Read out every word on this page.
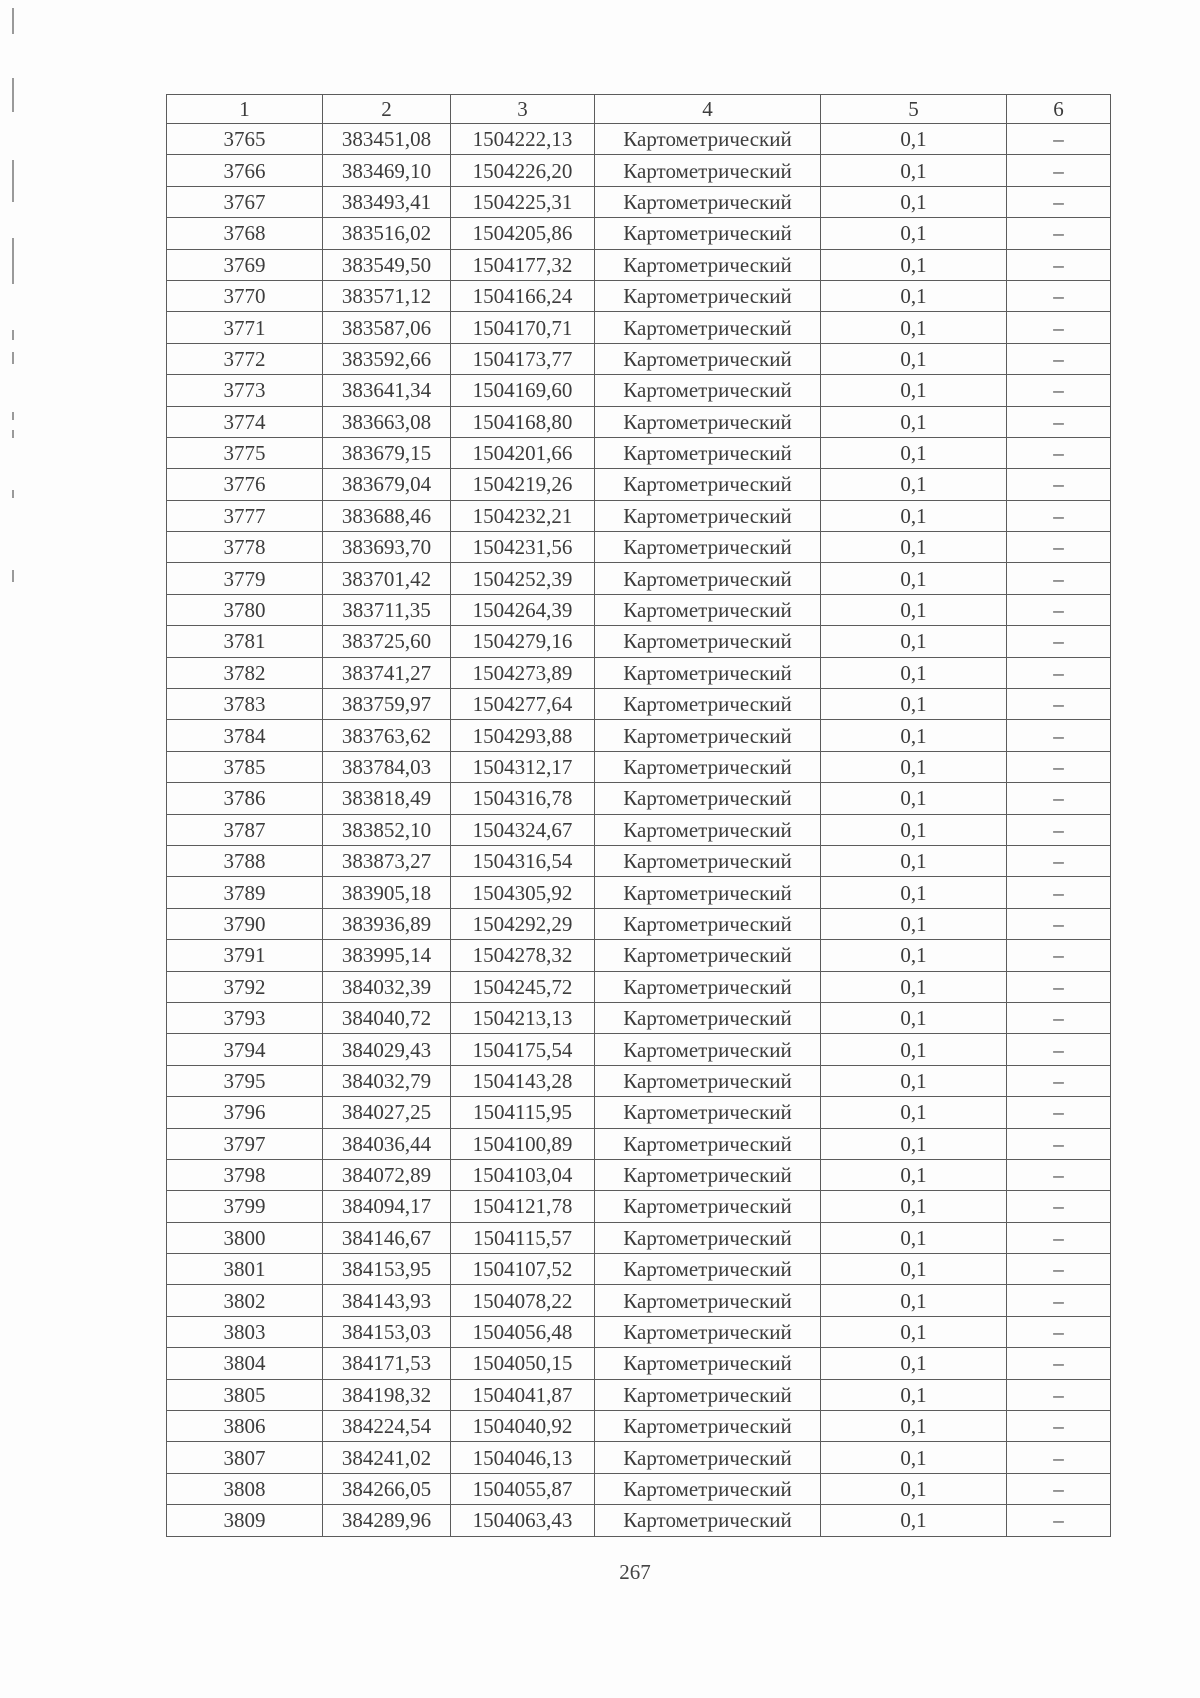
1	2	3	4	5	6
3765	383451,08	1504222,13	Картометрический	0,1	–
3766	383469,10	1504226,20	Картометрический	0,1	–
3767	383493,41	1504225,31	Картометрический	0,1	–
3768	383516,02	1504205,86	Картометрический	0,1	–
3769	383549,50	1504177,32	Картометрический	0,1	–
3770	383571,12	1504166,24	Картометрический	0,1	–
3771	383587,06	1504170,71	Картометрический	0,1	–
3772	383592,66	1504173,77	Картометрический	0,1	–
3773	383641,34	1504169,60	Картометрический	0,1	–
3774	383663,08	1504168,80	Картометрический	0,1	–
3775	383679,15	1504201,66	Картометрический	0,1	–
3776	383679,04	1504219,26	Картометрический	0,1	–
3777	383688,46	1504232,21	Картометрический	0,1	–
3778	383693,70	1504231,56	Картометрический	0,1	–
3779	383701,42	1504252,39	Картометрический	0,1	–
3780	383711,35	1504264,39	Картометрический	0,1	–
3781	383725,60	1504279,16	Картометрический	0,1	–
3782	383741,27	1504273,89	Картометрический	0,1	–
3783	383759,97	1504277,64	Картометрический	0,1	–
3784	383763,62	1504293,88	Картометрический	0,1	–
3785	383784,03	1504312,17	Картометрический	0,1	–
3786	383818,49	1504316,78	Картометрический	0,1	–
3787	383852,10	1504324,67	Картометрический	0,1	–
3788	383873,27	1504316,54	Картометрический	0,1	–
3789	383905,18	1504305,92	Картометрический	0,1	–
3790	383936,89	1504292,29	Картометрический	0,1	–
3791	383995,14	1504278,32	Картометрический	0,1	–
3792	384032,39	1504245,72	Картометрический	0,1	–
3793	384040,72	1504213,13	Картометрический	0,1	–
3794	384029,43	1504175,54	Картометрический	0,1	–
3795	384032,79	1504143,28	Картометрический	0,1	–
3796	384027,25	1504115,95	Картометрический	0,1	–
3797	384036,44	1504100,89	Картометрический	0,1	–
3798	384072,89	1504103,04	Картометрический	0,1	–
3799	384094,17	1504121,78	Картометрический	0,1	–
3800	384146,67	1504115,57	Картометрический	0,1	–
3801	384153,95	1504107,52	Картометрический	0,1	–
3802	384143,93	1504078,22	Картометрический	0,1	–
3803	384153,03	1504056,48	Картометрический	0,1	–
3804	384171,53	1504050,15	Картометрический	0,1	–
3805	384198,32	1504041,87	Картометрический	0,1	–
3806	384224,54	1504040,92	Картометрический	0,1	–
3807	384241,02	1504046,13	Картометрический	0,1	–
3808	384266,05	1504055,87	Картометрический	0,1	–
3809	384289,96	1504063,43	Картометрический	0,1	–
267
